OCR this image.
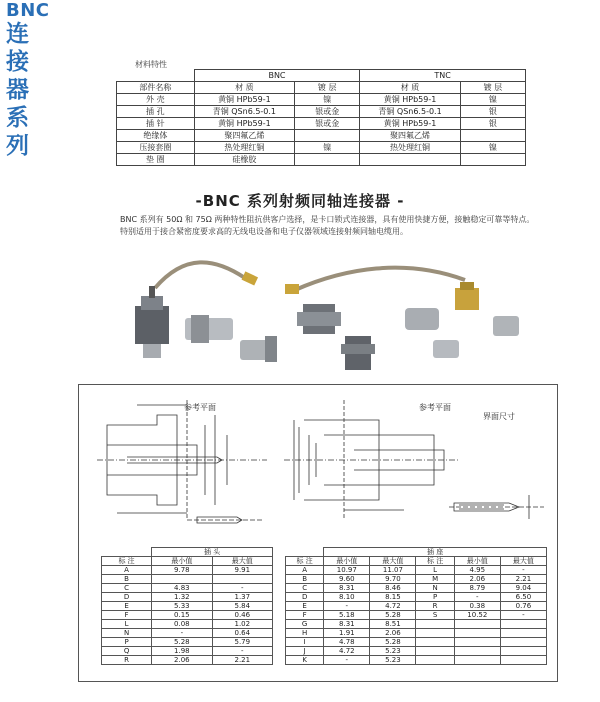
BNC
连
接
器
系
列
材料特性
	BNC		TNC	
部件名称	材 质	镀 层	材 质	镀 层
外 壳	黄铜 HPb59-1	镍	黄铜 HPb59-1	镍
插 孔	青铜 QSn6.5-0.1	银或金	青铜 QSn6.5-0.1	银
插 针	黄铜 HPb59-1	银或金	黄铜 HPb59-1	银
绝缘体	聚四氟乙烯		聚四氟乙烯	
压接套圈	热处理红铜	镍	热处理红铜	镍
垫 圈	硅橡胶			
-BNC 系列射频同轴连接器 -
BNC 系列有 50Ω 和 75Ω 两种特性阻抗供客户选择，是卡口锁式连接器，具有使用快捷方便，接触稳定可靠等特点。特别适用于接合紧密度要求高的无线电设备和电子仪器领域连接射频同轴电缆用。
参考平面	参考平面
界面尺寸
	插 头	
标 注	最小值	最大值
A	9.78	9.91
B		
C	4.83	-
D	1.32	1.37
E	5.33	5.84
F	0.15	0.46
L	0.08	1.02
N	-	0.64
P	5.28	5.79
Q	1.98	-
R	2.06	2.21
	插 座				
标 注	最小值	最大值	标 注	最小值	最大值
A	10.97	11.07	L	4.95	-
B	9.60	9.70	M	2.06	2.21
C	8.31	8.46	N	8.79	9.04
D	8.10	8.15	P	-	6.50
E	-	4.72	R	0.38	0.76
F	5.18	5.28	S	10.52	-
G	8.31	8.51			
H	1.91	2.06			
I	4.78	5.28			
J	4.72	5.23			
K	-	5.23			
